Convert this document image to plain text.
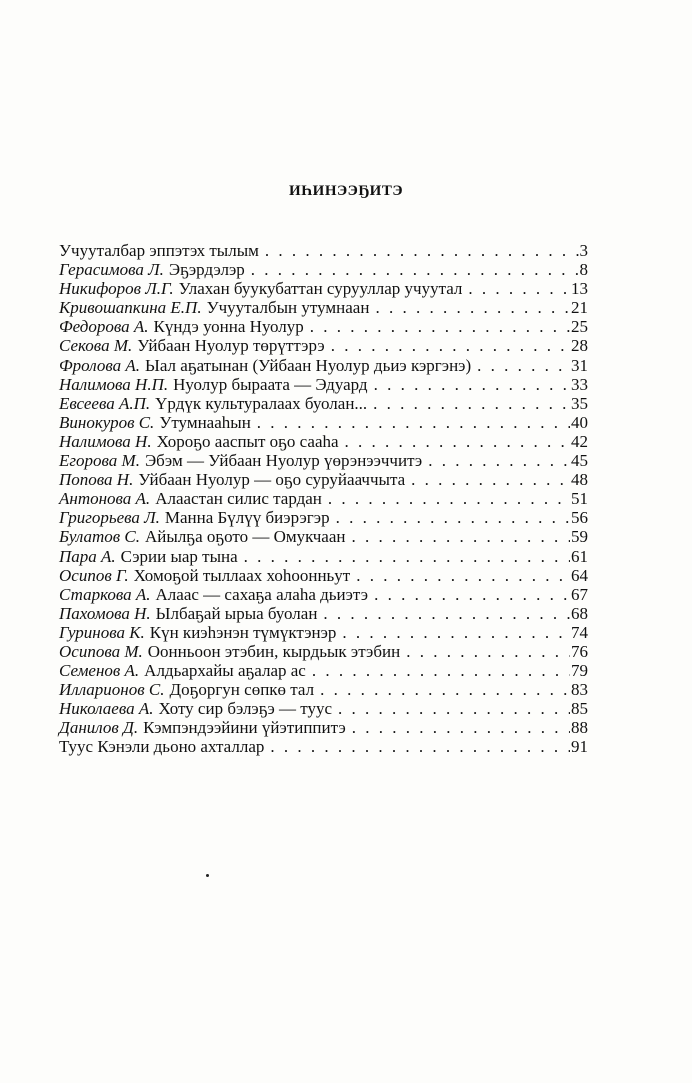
ИҺИНЭЭҔИТЭ
Учууталбар эппэтэх тылым . . .	3
Герасимова Л. Эҕэрдэлэр . . .	8
Никифоров Л.Г. Улахан буукубаттан сурууллар учуутал . . .	13
Кривошапкина Е.П. Учууталбын утумнаан . . .	21
Федорова А. Күндэ уонна Нуолур . . .	25
Секова М. Уйбаан Нуолур төрүттэрэ . . .	28
Фролова А. Ыал аҕатынан (Уйбаан Нуолур дьиэ кэргэнэ) . . .	31
Налимова Н.П. Нуолур быраата — Эдуард . . .	33
Евсеева А.П. Үрдүк культуралаах буолан... . . .	35
Винокуров С. Утумнааһын . . .	40
Налимова Н. Хороҕо ааспыт оҕо сааһа . . .	42
Егорова М. Эбэм — Уйбаан Нуолур үөрэнээччитэ . . .	45
Попова Н. Уйбаан Нуолур — оҕо суруйааччыта . . .	48
Антонова А. Алаастан силис тардан . . .	51
Григорьева Л. Манна Бүлүү биэрэгэр . . .	56
Булатов С. Айылҕа оҕото — Омукчаан . . .	59
Пара А. Сэрии ыар тына . . .	61
Осипов Г. Хомоҕой тыллаах хоһоонньут . . .	64
Старкова А. Алаас — сахаҕа алаһа дьиэтэ . . .	67
Пахомова Н. Ылбаҕай ырыа буолан . . .	68
Гуринова К. Күн киэһэнэн түмүктэнэр . . .	74
Осипова М. Оонньоон этэбин, кырдьык этэбин . . .	76
Семенов А. Алдьархайы аҕалар ас . . .	79
Илларионов С. Доҕоргун сөпкө тал . . .	83
Николаева А. Хоту сир бэлэҕэ — туус . . .	85
Данилов Д. Кэмпэндээйини үйэтиппитэ . . .	88
Туус Кэнэли дьоно ахталлар . . .	91
